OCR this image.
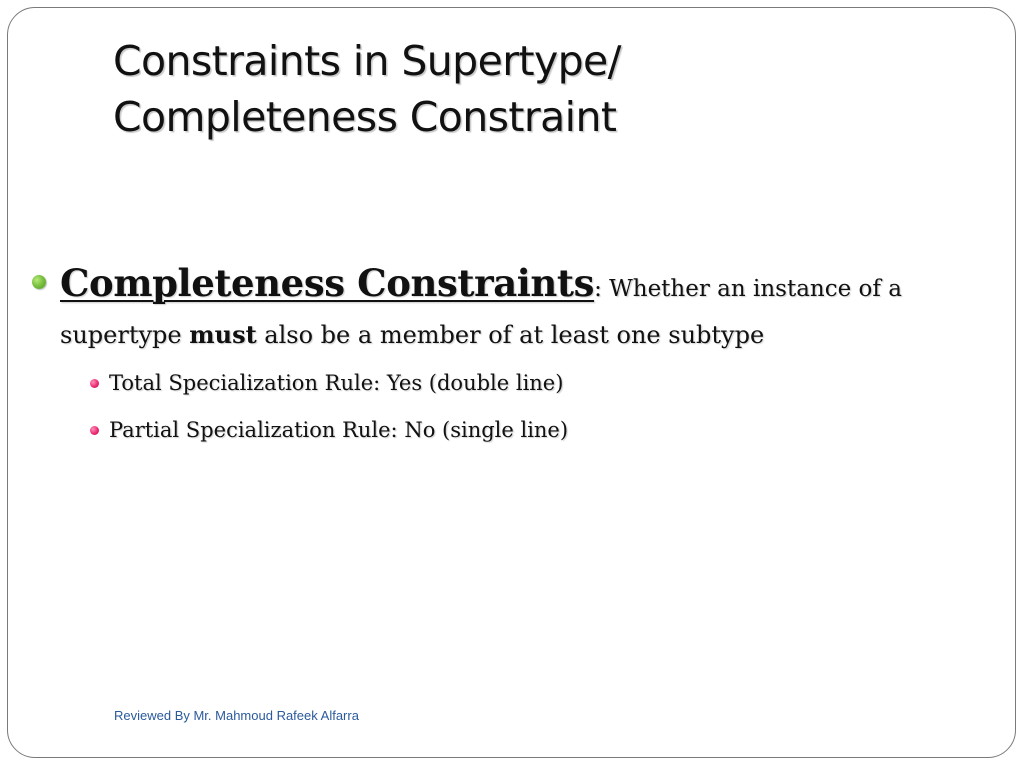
Constraints in Supertype/
Completeness Constraint
Completeness Constraints: Whether an instance of a
supertype must also be a member of at least one subtype
Total Specialization Rule: Yes (double line)
Partial Specialization Rule: No (single line)
Reviewed By Mr. Mahmoud Rafeek Alfarra
